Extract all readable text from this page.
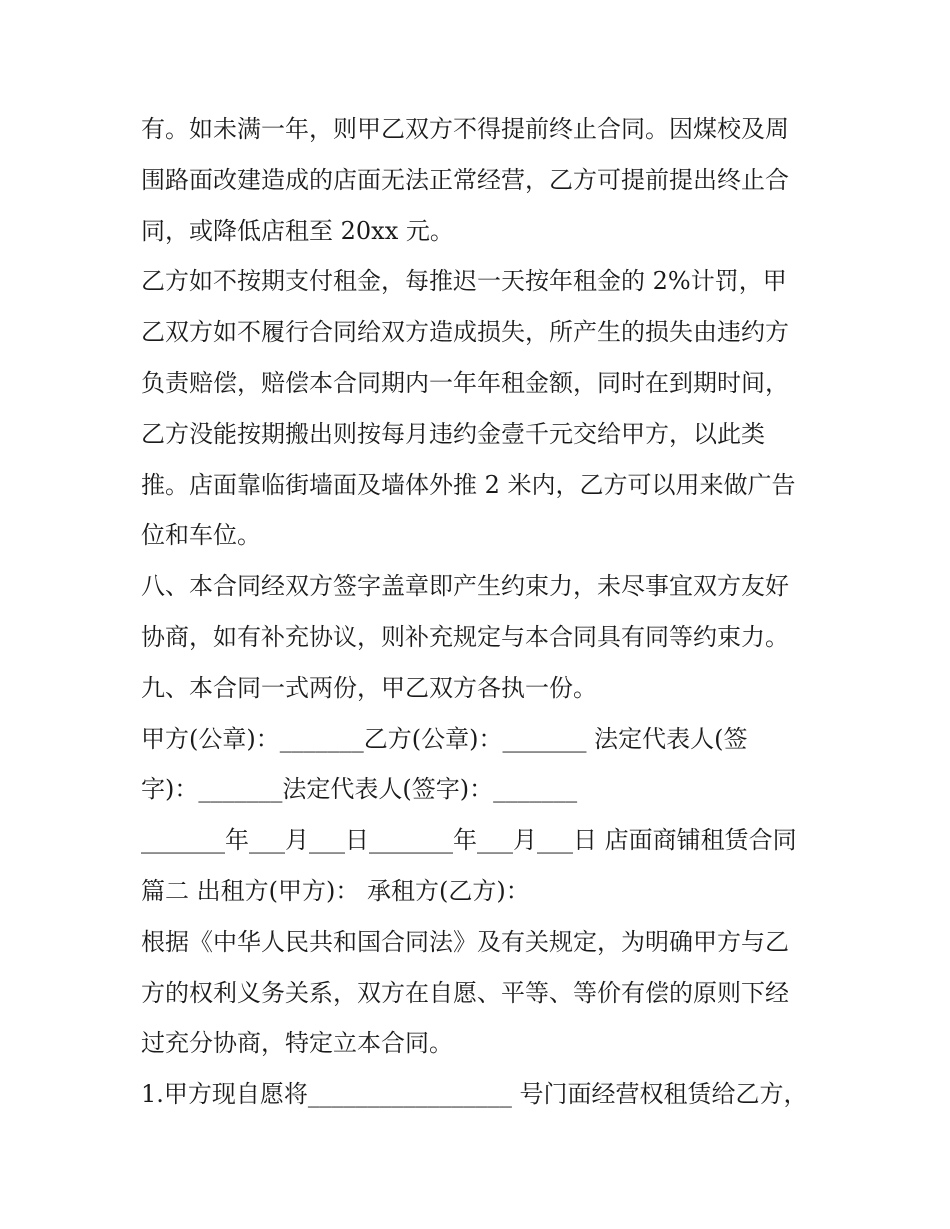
有。如未满一年，则甲乙双方不得提前终止合同。因煤校及周
围路面改建造成的店面无法正常经营，乙方可提前提出终止合
同，或降低店租至 20xx 元。
乙方如不按期支付租金，每推迟一天按年租金的 2%计罚，甲
乙双方如不履行合同给双方造成损失，所产生的损失由违约方
负责赔偿，赔偿本合同期内一年年租金额，同时在到期时间，
乙方没能按期搬出则按每月违约金壹千元交给甲方，以此类
推。店面靠临街墙面及墙体外推 2 米内，乙方可以用来做广告
位和车位。
八、本合同经双方签字盖章即产生约束力，未尽事宜双方友好
协商，如有补充协议，则补充规定与本合同具有同等约束力。
九、本合同一式两份，甲乙双方各执一份。
甲方(公章)：_______乙方(公章)：_______ 法定代表人(签
字)：_______法定代表人(签字)：_______
_______年___月___日_______年___月___日 店面商铺租赁合同
篇二 出租方(甲方)： 承租方(乙方)：
根据《中华人民共和国合同法》及有关规定，为明确甲方与乙
方的权利义务关系，双方在自愿、平等、等价有偿的原则下经
过充分协商，特定立本合同。
1.甲方现自愿将_________________ 号门面经营权租赁给乙方，
